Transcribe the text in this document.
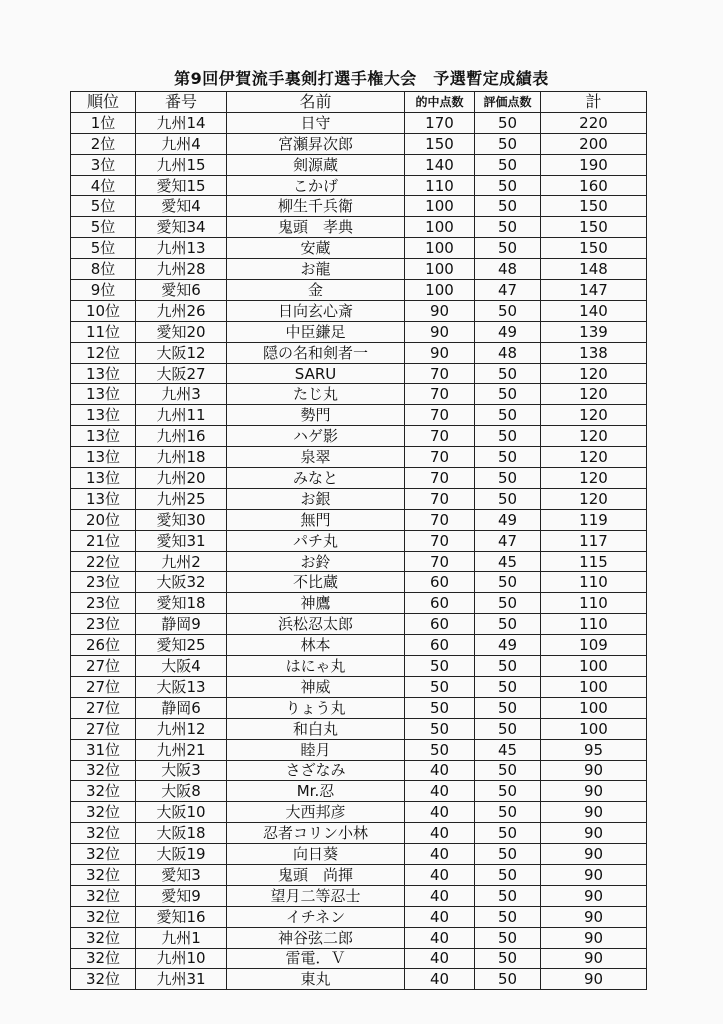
第9回伊賀流手裏剣打選手権大会　予選暫定成績表
順位	番号	名前	的中点数	評価点数	計
1位	九州14	日守	170	50	220
2位	九州4	宮瀬昇次郎	150	50	200
3位	九州15	剣源蔵	140	50	190
4位	愛知15	こかげ	110	50	160
5位	愛知4	柳生千兵衛	100	50	150
5位	愛知34	鬼頭　孝典	100	50	150
5位	九州13	安蔵	100	50	150
8位	九州28	お龍	100	48	148
9位	愛知6	金	100	47	147
10位	九州26	日向玄心斎	90	50	140
11位	愛知20	中臣鎌足	90	49	139
12位	大阪12	隠の名和剣者一	90	48	138
13位	大阪27	SARU	70	50	120
13位	九州3	たじ丸	70	50	120
13位	九州11	勢門	70	50	120
13位	九州16	ハゲ影	70	50	120
13位	九州18	泉翠	70	50	120
13位	九州20	みなと	70	50	120
13位	九州25	お銀	70	50	120
20位	愛知30	無門	70	49	119
21位	愛知31	パチ丸	70	47	117
22位	九州2	お鈴	70	45	115
23位	大阪32	不比蔵	60	50	110
23位	愛知18	神鷹	60	50	110
23位	静岡9	浜松忍太郎	60	50	110
26位	愛知25	林本	60	49	109
27位	大阪4	はにゃ丸	50	50	100
27位	大阪13	神威	50	50	100
27位	静岡6	りょう丸	50	50	100
27位	九州12	和白丸	50	50	100
31位	九州21	睦月	50	45	95
32位	大阪3	さざなみ	40	50	90
32位	大阪8	Mr.忍	40	50	90
32位	大阪10	大西邦彦	40	50	90
32位	大阪18	忍者コリン小林	40	50	90
32位	大阪19	向日葵	40	50	90
32位	愛知3	鬼頭　尚揮	40	50	90
32位	愛知9	望月二等忍士	40	50	90
32位	愛知16	イチネン	40	50	90
32位	九州1	神谷弦二郎	40	50	90
32位	九州10	雷電．Ｖ	40	50	90
32位	九州31	東丸	40	50	90
